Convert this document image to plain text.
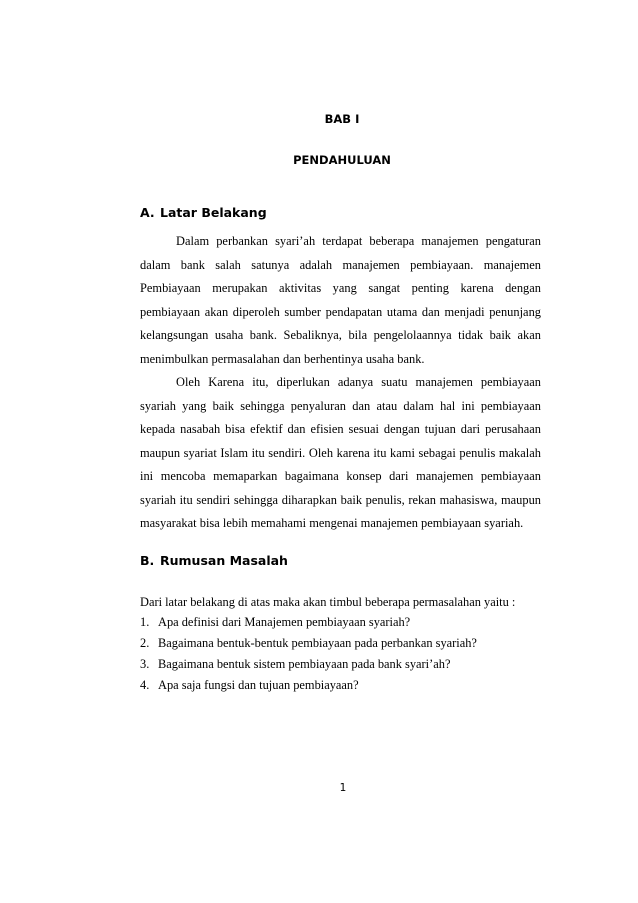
BAB I
PENDAHULUAN
A. Latar Belakang

Dalam perbankan syari’ah terdapat beberapa manajemen pengaturan dalam bank salah satunya adalah manajemen pembiayaan. manajemen Pembiayaan merupakan aktivitas yang sangat penting karena dengan pembiayaan akan diperoleh sumber pendapatan utama dan menjadi penunjang kelangsungan usaha bank. Sebaliknya, bila pengelolaannya tidak baik akan menimbulkan permasalahan dan berhentinya usaha bank.

Oleh Karena itu, diperlukan adanya suatu manajemen pembiayaan syariah yang baik sehingga penyaluran dan atau dalam hal ini pembiayaan kepada nasabah bisa efektif dan efisien sesuai dengan tujuan dari perusahaan maupun syariat Islam itu sendiri. Oleh karena itu kami sebagai penulis makalah ini mencoba memaparkan bagaimana konsep dari manajemen pembiayaan syariah itu sendiri sehingga diharapkan baik penulis, rekan mahasiswa, maupun masyarakat bisa lebih memahami mengenai manajemen pembiayaan syariah.

B. Rumusan Masalah

Dari latar belakang di atas maka akan timbul beberapa permasalahan yaitu :

1. Apa definisi dari Manajemen pembiayaan syariah?
2. Bagaimana bentuk-bentuk pembiayaan pada perbankan syariah?
3. Bagaimana bentuk sistem pembiayaan pada bank syari’ah?
4. Apa saja fungsi dan tujuan pembiayaan?
1
